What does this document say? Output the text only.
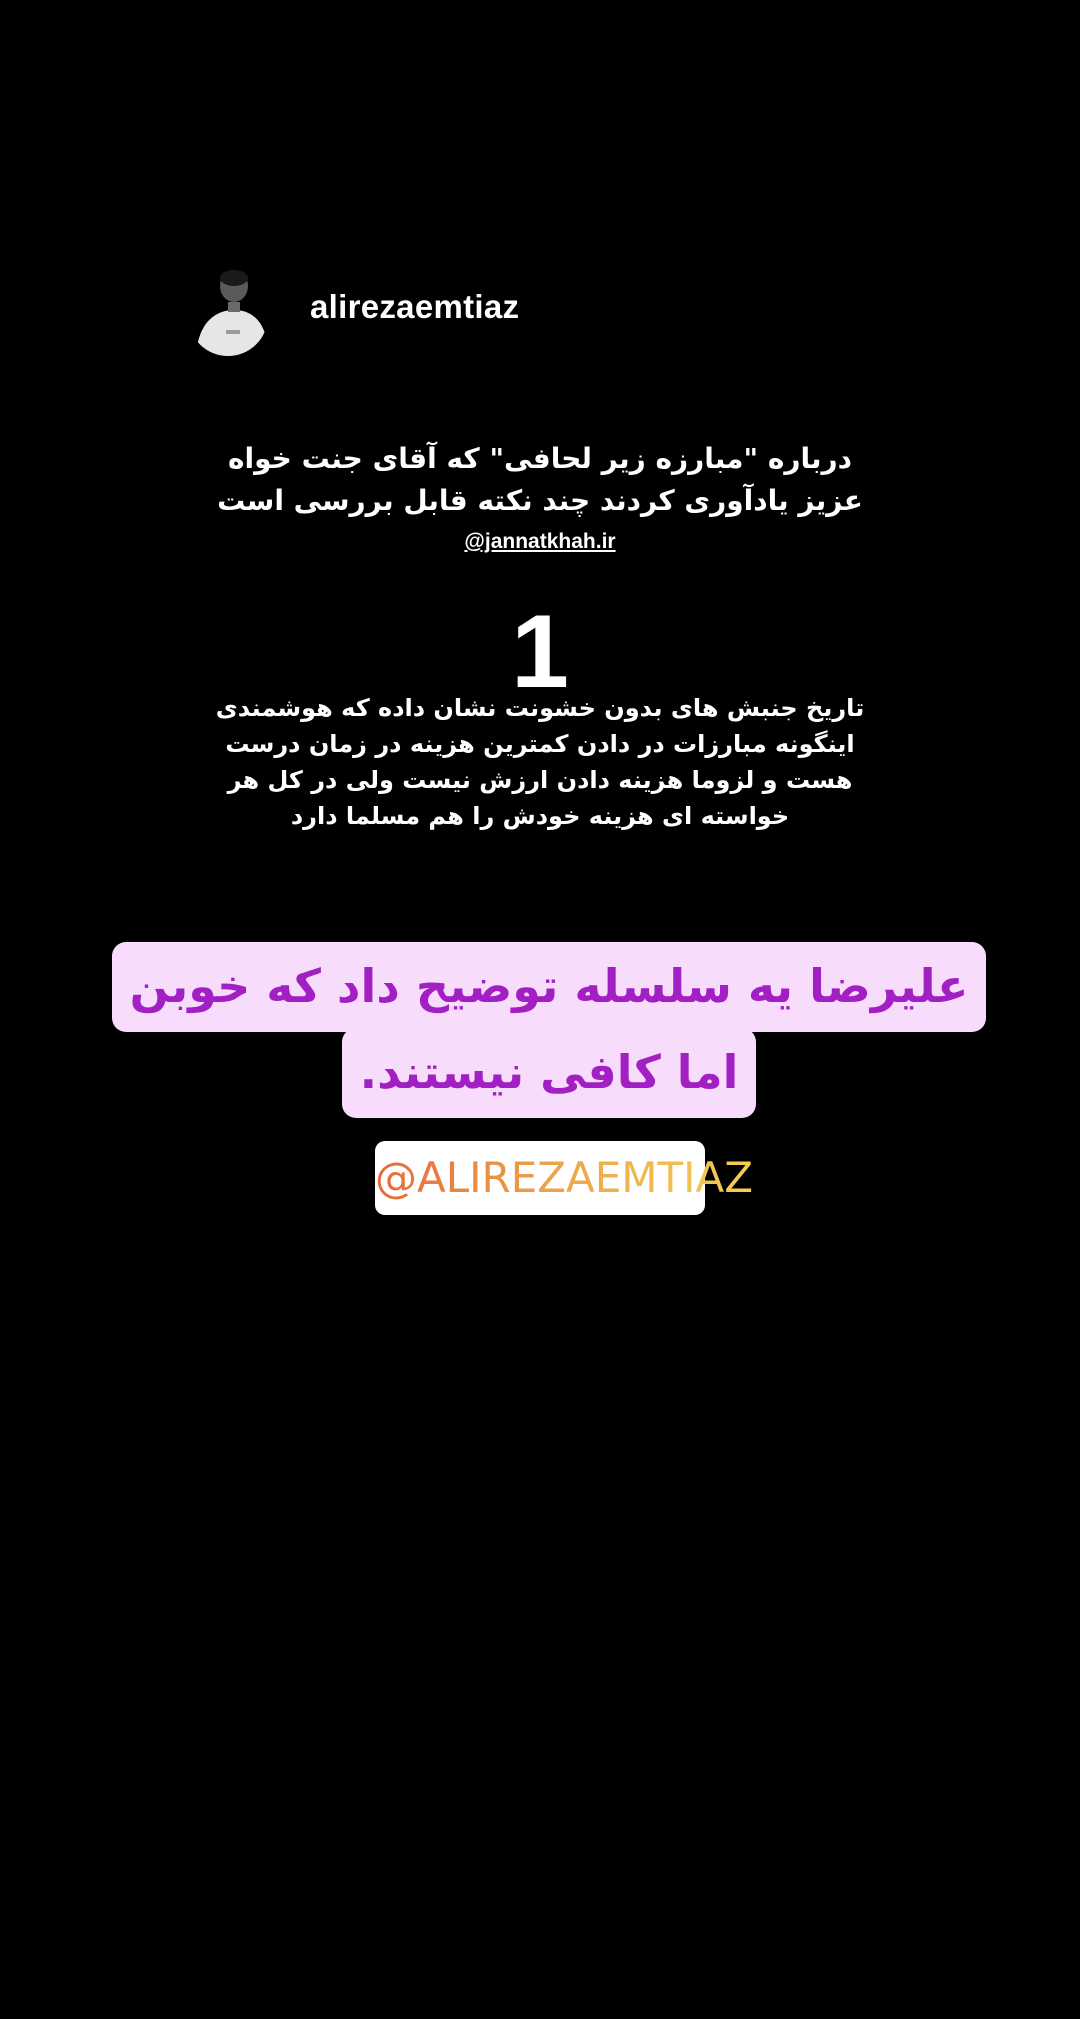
alirezaemtiaz
درباره "مبارزه زیر لحافی" که آقای جنت خواه
عزیز یادآوری کردند چند نکته قابل بررسی است
@jannatkhah.ir
1
تاریخ جنبش های بدون خشونت نشان داده که هوشمندی
اینگونه مبارزات در دادن کمترین هزینه در زمان درست
هست و لزوما هزینه دادن ارزش نیست ولی در کل هر
خواسته ای هزینه خودش را هم مسلما دارد
علیرضا یه سلسله توضیح داد که خوبن
اما کافی نیستند.
@ALIREZAEMTIAZ
